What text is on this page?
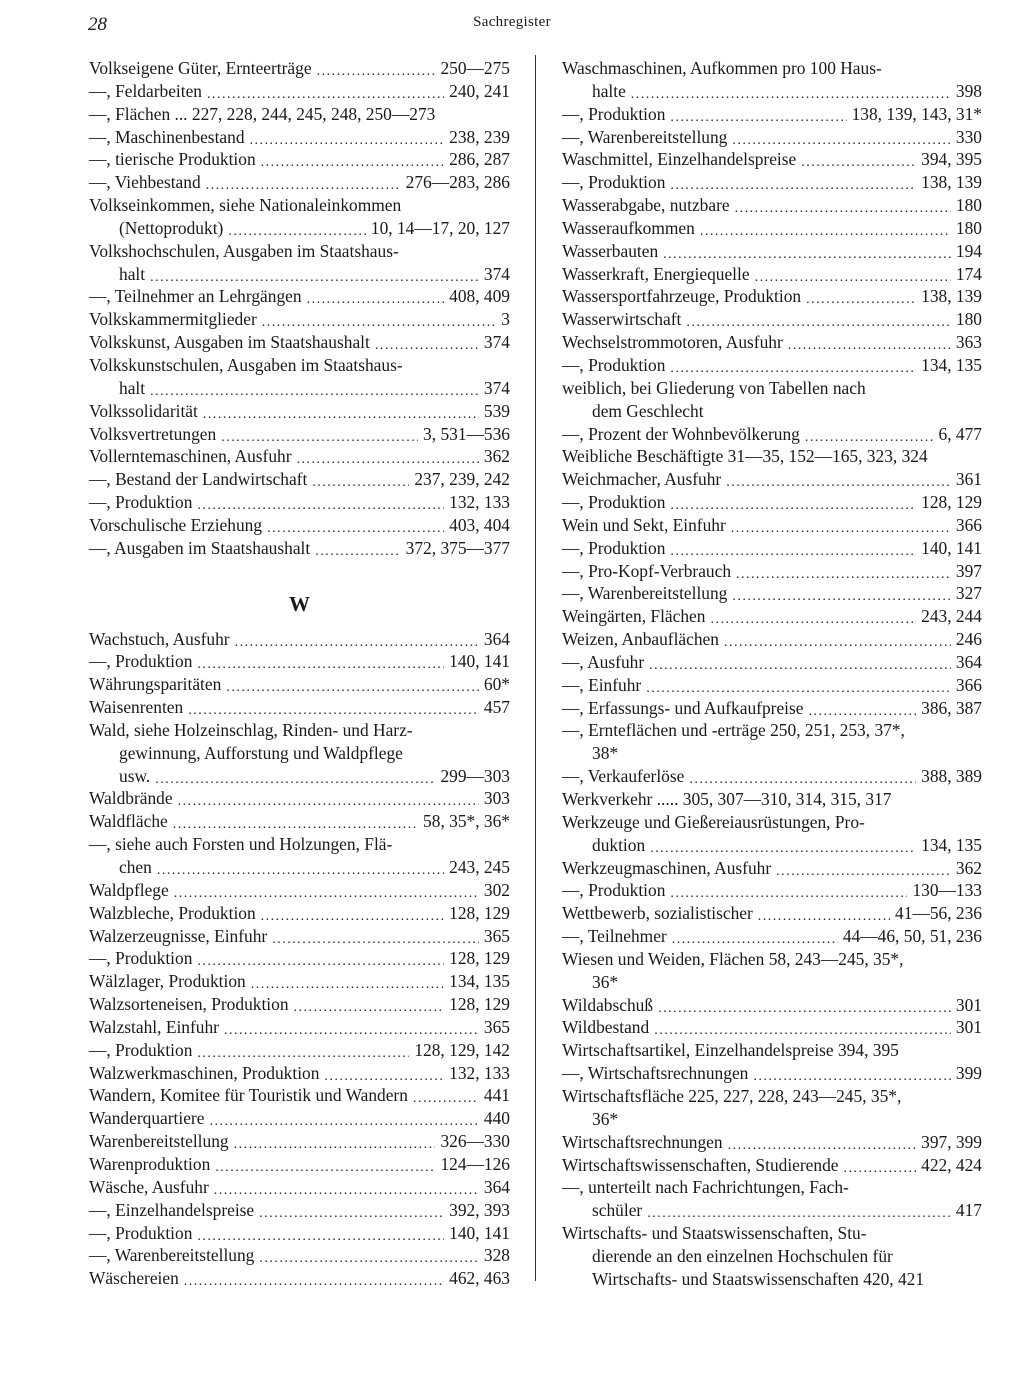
28	Sachregister
Volkseigene Güter, Ernteerträge . . .	250—275
—, Feldarbeiten . . .	240, 241
—, Flächen ... 227, 228, 244, 245, 248, 250—273
—, Maschinenbestand . . .	238, 239
—, tierische Produktion . . .	286, 287
—, Viehbestand . . .	276—283, 286
Volkseinkommen, siehe Nationaleinkommen
(Nettoprodukt) . . .	10, 14—17, 20, 127
Volkshochschulen, Ausgaben im Staatshaus-
halt . . .	374
—, Teilnehmer an Lehrgängen . . .	408, 409
Volkskammermitglieder . . .	3
Volkskunst, Ausgaben im Staatshaushalt . . .	374
Volkskunstschulen, Ausgaben im Staatshaus-
halt . . .	374
Volkssolidarität . . .	539
Volksvertretungen . . .	3, 531—536
Vollerntemaschinen, Ausfuhr . . .	362
—, Bestand der Landwirtschaft . . .	237, 239, 242
—, Produktion . . .	132, 133
Vorschulische Erziehung . . .	403, 404
—, Ausgaben im Staatshaushalt . . .	372, 375—377
W
Wachstuch, Ausfuhr . . .	364
—, Produktion . . .	140, 141
Währungsparitäten . . .	60*
Waisenrenten . . .	457
Wald, siehe Holzeinschlag, Rinden- und Harz-
gewinnung, Aufforstung und Waldpflege
usw. . . .	299—303
Waldbrände . . .	303
Waldfläche . . .	58, 35*, 36*
—, siehe auch Forsten und Holzungen, Flä-
chen . . .	243, 245
Waldpflege . . .	302
Walzbleche, Produktion . . .	128, 129
Walzerzeugnisse, Einfuhr . . .	365
—, Produktion . . .	128, 129
Wälzlager, Produktion . . .	134, 135
Walzsorteneisen, Produktion . . .	128, 129
Walzstahl, Einfuhr . . .	365
—, Produktion . . .	128, 129, 142
Walzwerkmaschinen, Produktion . . .	132, 133
Wandern, Komitee für Touristik und Wandern . . .	441
Wanderquartiere . . .	440
Warenbereitstellung . . .	326—330
Warenproduktion . . .	124—126
Wäsche, Ausfuhr . . .	364
—, Einzelhandelspreise . . .	392, 393
—, Produktion . . .	140, 141
—, Warenbereitstellung . . .	328
Wäschereien . . .	462, 463
Waschmaschinen, Aufkommen pro 100 Haus-
halte . . .	398
—, Produktion . . .	138, 139, 143, 31*
—, Warenbereitstellung . . .	330
Waschmittel, Einzelhandelspreise . . .	394, 395
—, Produktion . . .	138, 139
Wasserabgabe, nutzbare . . .	180
Wasseraufkommen . . .	180
Wasserbauten . . .	194
Wasserkraft, Energiequelle . . .	174
Wassersportfahrzeuge, Produktion . . .	138, 139
Wasserwirtschaft . . .	180
Wechselstrommotoren, Ausfuhr . . .	363
—, Produktion . . .	134, 135
weiblich, bei Gliederung von Tabellen nach
dem Geschlecht
—, Prozent der Wohnbevölkerung . . .	6, 477
Weibliche Beschäftigte 31—35, 152—165, 323, 324
Weichmacher, Ausfuhr . . .	361
—, Produktion . . .	128, 129
Wein und Sekt, Einfuhr . . .	366
—, Produktion . . .	140, 141
—, Pro-Kopf-Verbrauch . . .	397
—, Warenbereitstellung . . .	327
Weingärten, Flächen . . .	243, 244
Weizen, Anbauflächen . . .	246
—, Ausfuhr . . .	364
—, Einfuhr . . .	366
—, Erfassungs- und Aufkaufpreise . . .	386, 387
—, Ernteflächen und -erträge 250, 251, 253, 37*,
38*
—, Verkauferlöse . . .	388, 389
Werkverkehr ..... 305, 307—310, 314, 315, 317
Werkzeuge und Gießereiausrüstungen, Pro-
duktion . . .	134, 135
Werkzeugmaschinen, Ausfuhr . . .	362
—, Produktion . . .	130—133
Wettbewerb, sozialistischer . . .	41—56, 236
—, Teilnehmer . . .	44—46, 50, 51, 236
Wiesen und Weiden, Flächen 58, 243—245, 35*,
36*
Wildabschuß . . .	301
Wildbestand . . .	301
Wirtschaftsartikel, Einzelhandelspreise 394, 395
—, Wirtschaftsrechnungen . . .	399
Wirtschaftsfläche 225, 227, 228, 243—245, 35*,
36*
Wirtschaftsrechnungen . . .	397, 399
Wirtschaftswissenschaften, Studierende . . .	422, 424
—, unterteilt nach Fachrichtungen, Fach-
schüler . . .	417
Wirtschafts- und Staatswissenschaften, Stu-
dierende an den einzelnen Hochschulen für
Wirtschafts- und Staatswissenschaften 420, 421
